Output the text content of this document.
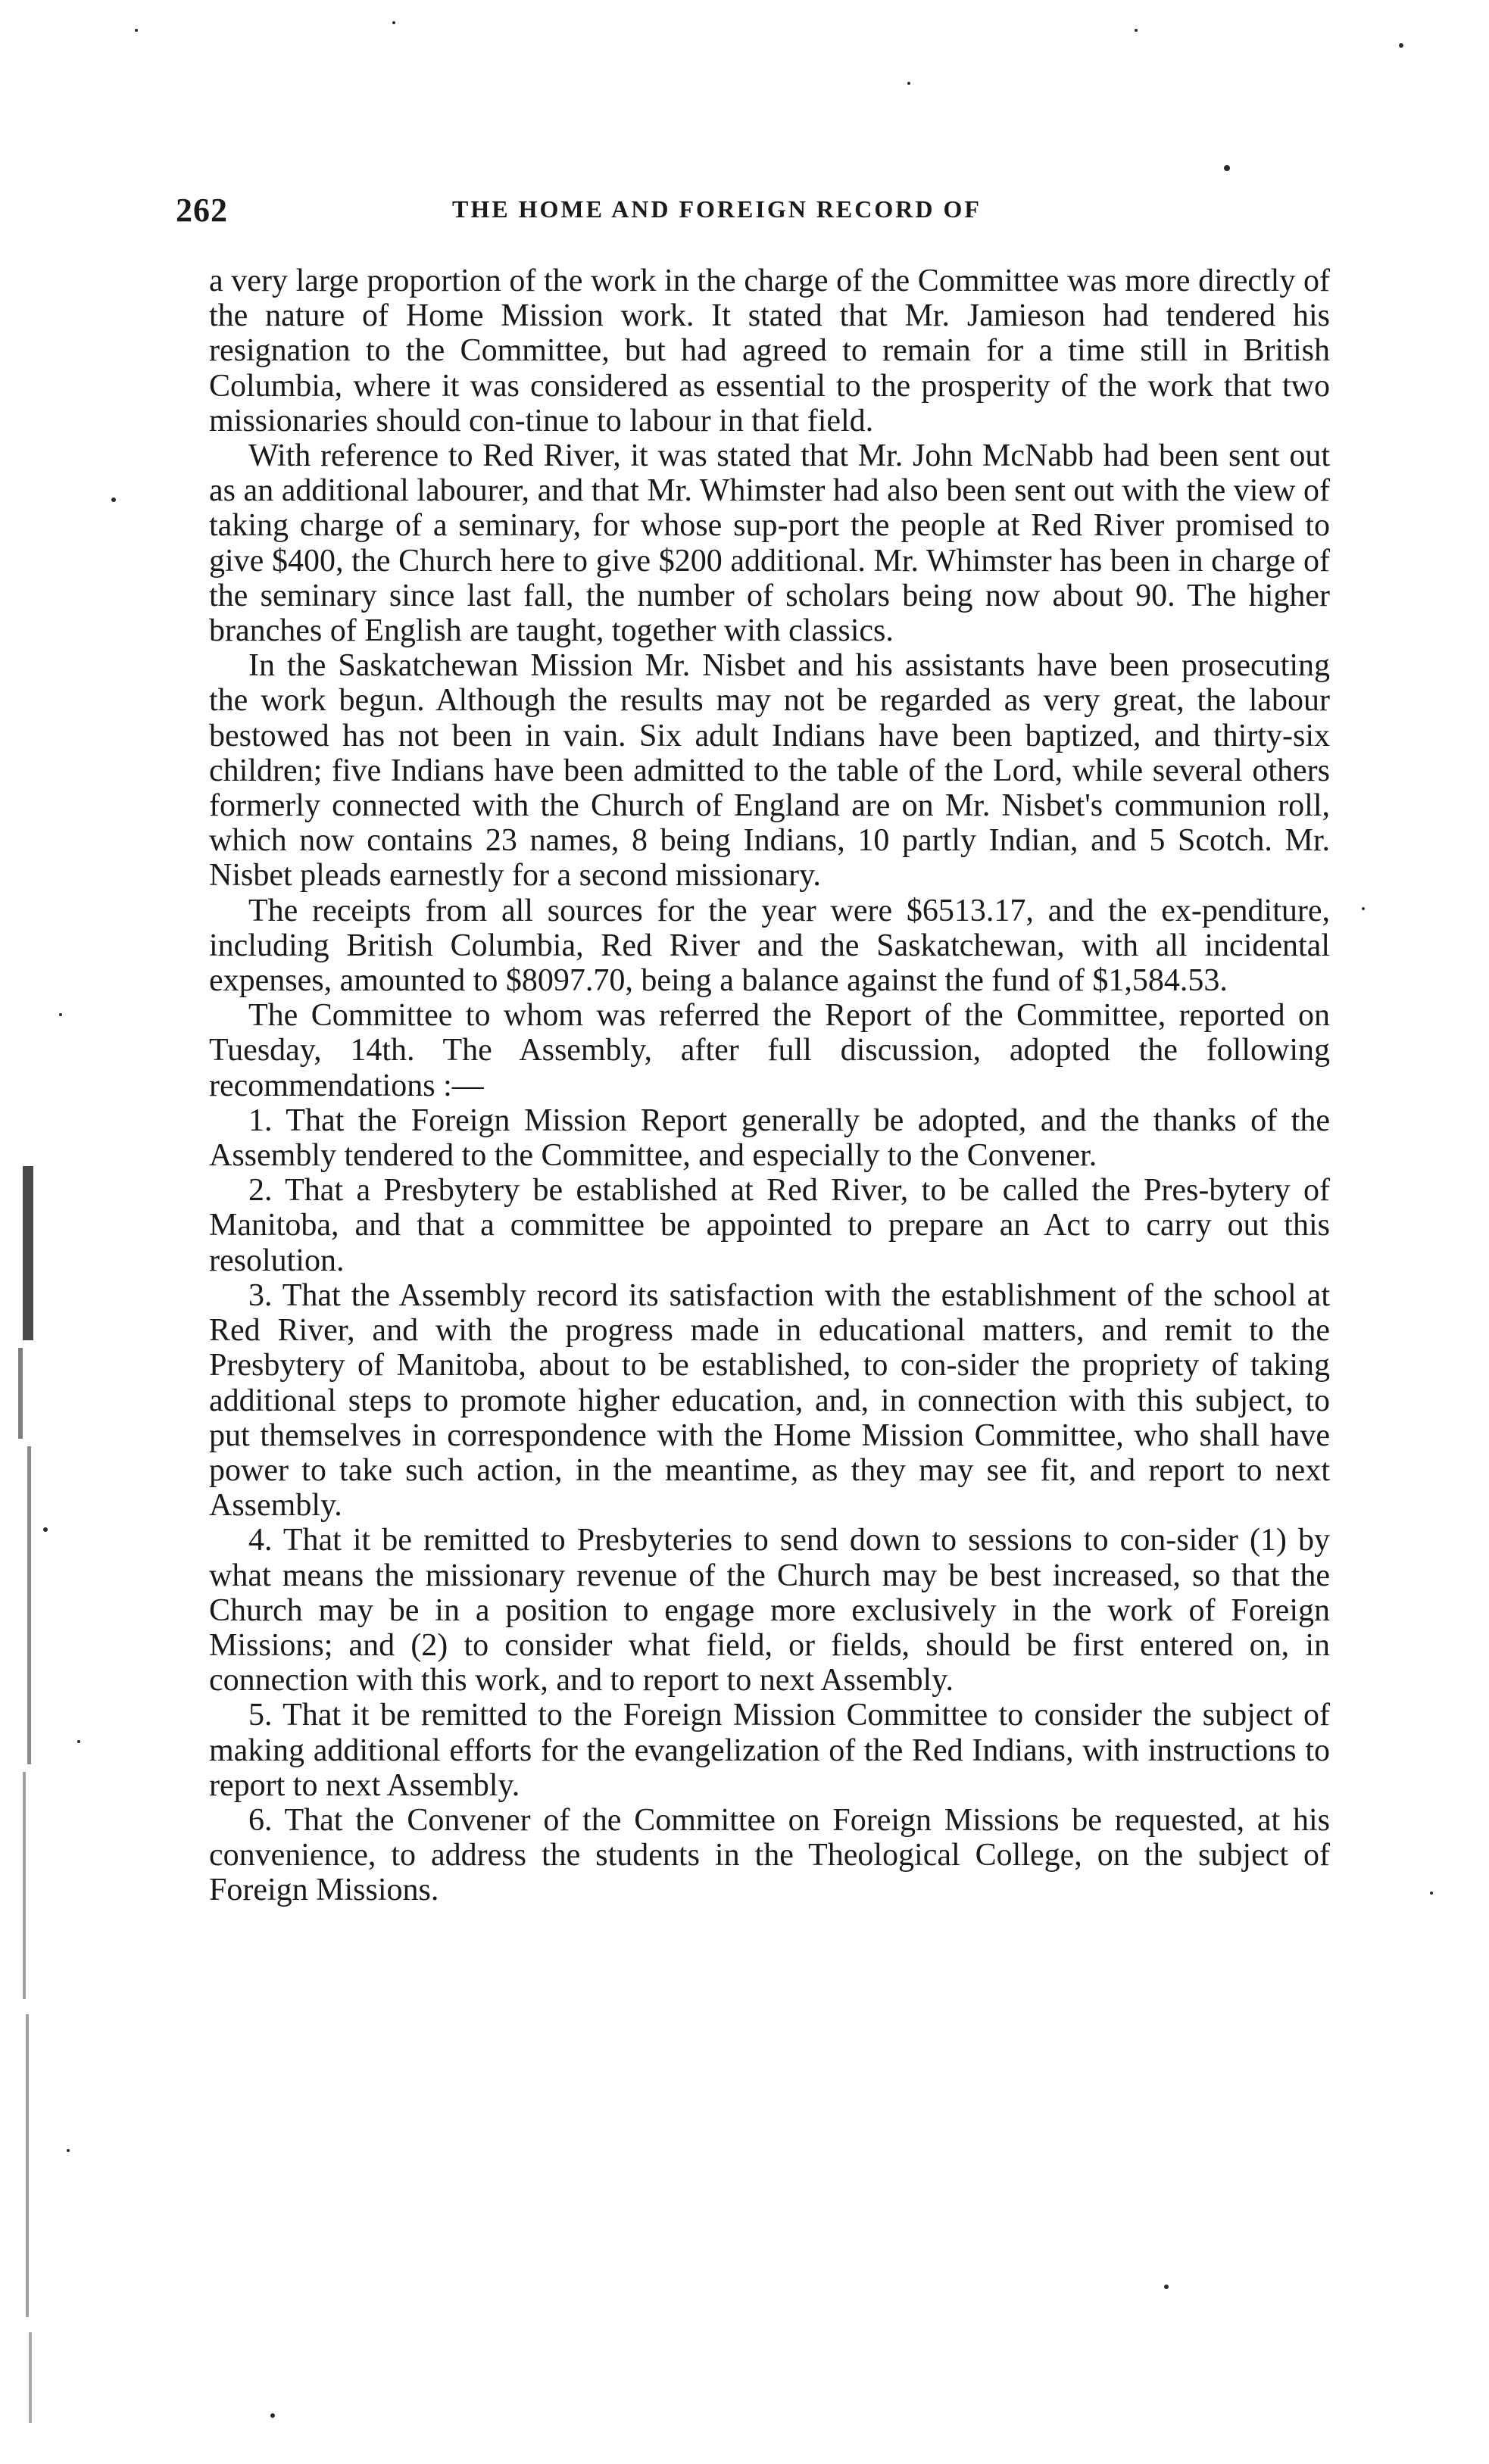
262	THE HOME AND FOREIGN RECORD OF

a very large proportion of the work in the charge of the Committee was more directly of the nature of Home Mission work. It stated that Mr. Jamieson had tendered his resignation to the Committee, but had agreed to remain for a time still in British Columbia, where it was considered as essential to the prosperity of the work that two missionaries should con-tinue to labour in that field.

With reference to Red River, it was stated that Mr. John McNabb had been sent out as an additional labourer, and that Mr. Whimster had also been sent out with the view of taking charge of a seminary, for whose sup-port the people at Red River promised to give $400, the Church here to give $200 additional. Mr. Whimster has been in charge of the seminary since last fall, the number of scholars being now about 90. The higher branches of English are taught, together with classics.

In the Saskatchewan Mission Mr. Nisbet and his assistants have been prosecuting the work begun. Although the results may not be regarded as very great, the labour bestowed has not been in vain. Six adult Indians have been baptized, and thirty-six children; five Indians have been admitted to the table of the Lord, while several others formerly connected with the Church of England are on Mr. Nisbet's communion roll, which now contains 23 names, 8 being Indians, 10 partly Indian, and 5 Scotch. Mr. Nisbet pleads earnestly for a second missionary.

The receipts from all sources for the year were $6513.17, and the ex-penditure, including British Columbia, Red River and the Saskatchewan, with all incidental expenses, amounted to $8097.70, being a balance against the fund of $1,584.53.

The Committee to whom was referred the Report of the Committee, reported on Tuesday, 14th. The Assembly, after full discussion, adopted the following recommendations :—

1. That the Foreign Mission Report generally be adopted, and the thanks of the Assembly tendered to the Committee, and especially to the Convener.

2. That a Presbytery be established at Red River, to be called the Pres-bytery of Manitoba, and that a committee be appointed to prepare an Act to carry out this resolution.

3. That the Assembly record its satisfaction with the establishment of the school at Red River, and with the progress made in educational matters, and remit to the Presbytery of Manitoba, about to be established, to con-sider the propriety of taking additional steps to promote higher education, and, in connection with this subject, to put themselves in correspondence with the Home Mission Committee, who shall have power to take such action, in the meantime, as they may see fit, and report to next Assembly.

4. That it be remitted to Presbyteries to send down to sessions to con-sider (1) by what means the missionary revenue of the Church may be best increased, so that the Church may be in a position to engage more exclusively in the work of Foreign Missions; and (2) to consider what field, or fields, should be first entered on, in connection with this work, and to report to next Assembly.

5. That it be remitted to the Foreign Mission Committee to consider the subject of making additional efforts for the evangelization of the Red Indians, with instructions to report to next Assembly.

6. That the Convener of the Committee on Foreign Missions be requested, at his convenience, to address the students in the Theological College, on the subject of Foreign Missions.
